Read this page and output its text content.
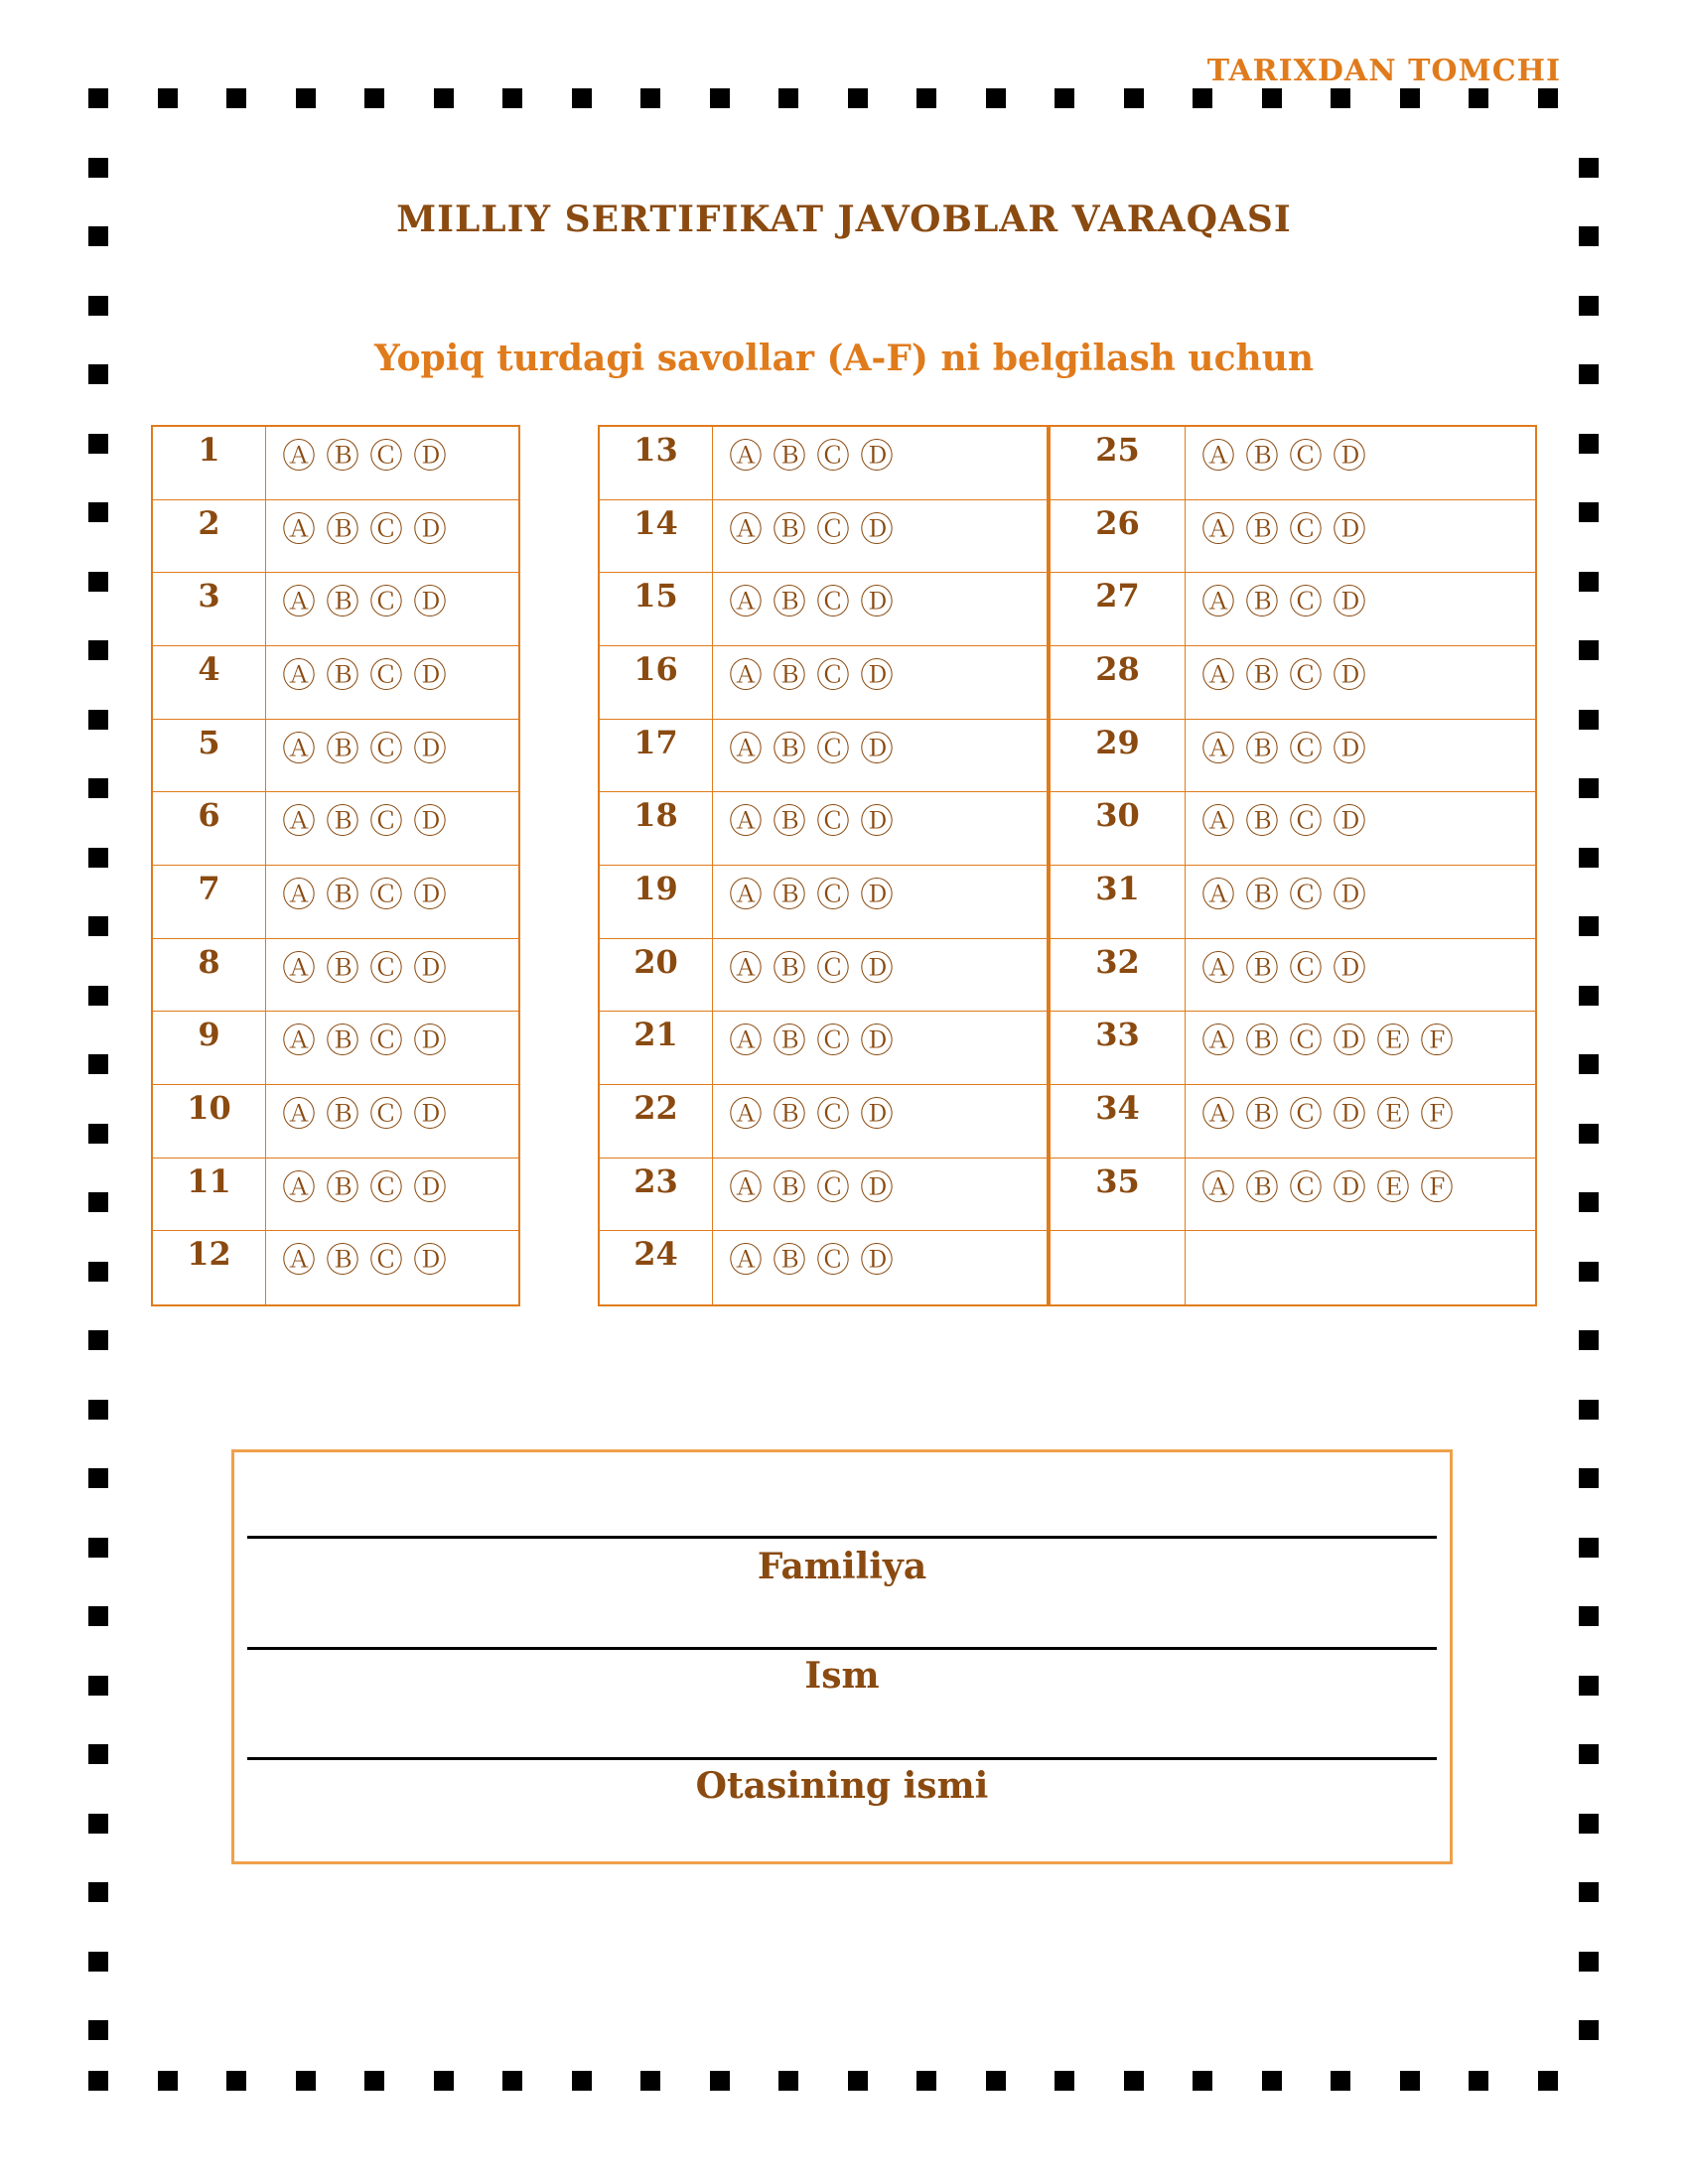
TARIXDAN TOMCHI
MILLIY SERTIFIKAT JAVOBLAR VARAQASI
Yopiq turdagi savollar (A-F) ni belgilash uchun
1	ⒶⒷⒸⒹ
2	ⒶⒷⒸⒹ
3	ⒶⒷⒸⒹ
4	ⒶⒷⒸⒹ
5	ⒶⒷⒸⒹ
6	ⒶⒷⒸⒹ
7	ⒶⒷⒸⒹ
8	ⒶⒷⒸⒹ
9	ⒶⒷⒸⒹ
10	ⒶⒷⒸⒹ
11	ⒶⒷⒸⒹ
12	ⒶⒷⒸⒹ
13	ⒶⒷⒸⒹ
14	ⒶⒷⒸⒹ
15	ⒶⒷⒸⒹ
16	ⒶⒷⒸⒹ
17	ⒶⒷⒸⒹ
18	ⒶⒷⒸⒹ
19	ⒶⒷⒸⒹ
20	ⒶⒷⒸⒹ
21	ⒶⒷⒸⒹ
22	ⒶⒷⒸⒹ
23	ⒶⒷⒸⒹ
24	ⒶⒷⒸⒹ
25	ⒶⒷⒸⒹ
26	ⒶⒷⒸⒹ
27	ⒶⒷⒸⒹ
28	ⒶⒷⒸⒹ
29	ⒶⒷⒸⒹ
30	ⒶⒷⒸⒹ
31	ⒶⒷⒸⒹ
32	ⒶⒷⒸⒹ
33	ⒶⒷⒸⒹⒺⒻ
34	ⒶⒷⒸⒹⒺⒻ
35	ⒶⒷⒸⒹⒺⒻ
Familiya
Ism
Otasining ismi
